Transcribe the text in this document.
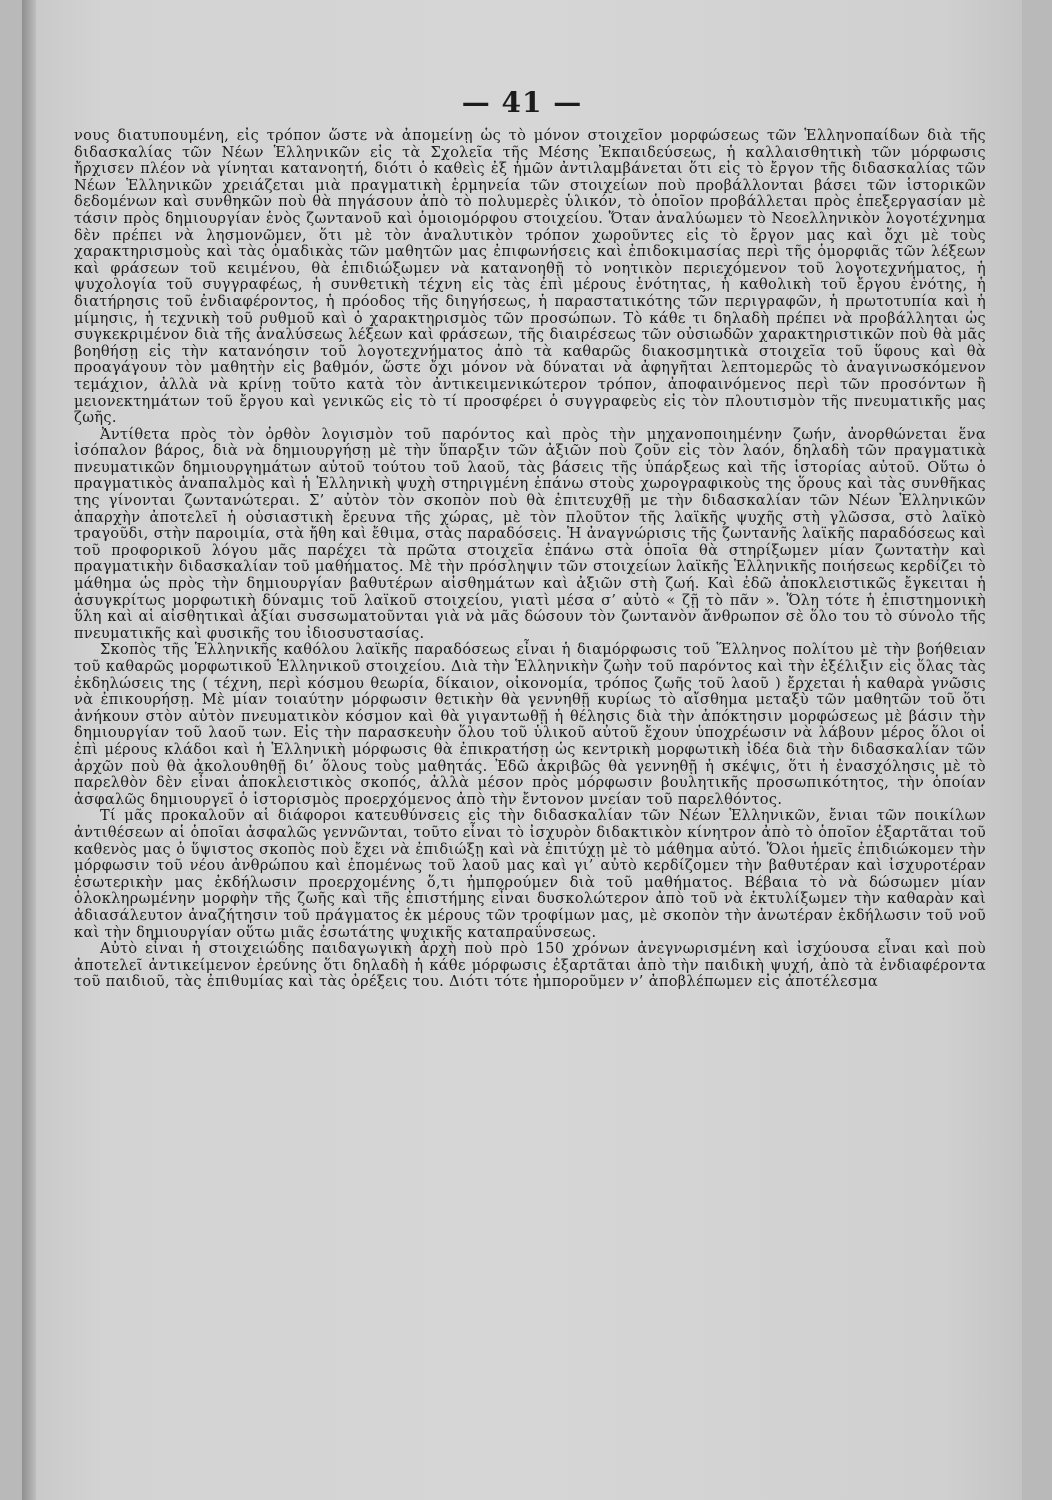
— 41 —

νους διατυπουμένη, εἰς τρόπον ὥστε νὰ ἀπομείνῃ ὡς τὸ μόνον στοιχεῖον μορφώσεως τῶν Ἑλληνοπαίδων διὰ τῆς διδασκαλίας τῶν Νέων Ἑλληνικῶν εἰς τὰ Σχολεῖα τῆς Μέσης Ἐκπαιδεύσεως, ἡ καλλαισθητικὴ τῶν μόρφωσις ἤρχισεν πλέον νὰ γίνηται κατανοητή, διότι ὁ καθεὶς ἐξ ἡμῶν ἀντιλαμβάνεται ὅτι εἰς τὸ ἔργον τῆς διδασκαλίας τῶν Νέων Ἑλληνικῶν χρειάζεται μιὰ πραγματικὴ ἑρμηνεία τῶν στοιχείων ποὺ προβάλλονται βάσει τῶν ἱστορικῶν δεδομένων καὶ συνθηκῶν ποὺ θὰ πηγάσουν ἀπὸ τὸ πολυμερὲς ὑλικόν, τὸ ὁποῖον προβάλλεται πρὸς ἐπεξεργασίαν μὲ τάσιν πρὸς δημιουργίαν ἑνὸς ζωντανοῦ καὶ ὁμοιομόρφου στοιχείου. Ὅταν ἀναλύωμεν τὸ Νεοελληνικὸν λογοτέχνημα δὲν πρέπει νὰ λησμονῶμεν, ὅτι μὲ τὸν ἀναλυτικὸν τρόπον χωροῦντες εἰς τὸ ἔργον μας καὶ ὄχι μὲ τοὺς χαρακτηρισμοὺς καὶ τὰς ὁμαδικὰς τῶν μαθητῶν μας ἐπιφωνήσεις καὶ ἐπιδοκιμασίας περὶ τῆς ὁμορφιᾶς τῶν λέξεων καὶ φράσεων τοῦ κειμένου, θὰ ἐπιδιώξωμεν νὰ κατανοηθῇ τὸ νοητικὸν περιεχόμενον τοῦ λογοτεχνήματος, ἡ ψυχολογία τοῦ συγγραφέως, ἡ συνθετικὴ τέχνη εἰς τὰς ἐπὶ μέρους ἑνότητας, ἡ καθολικὴ τοῦ ἔργου ἑνότης, ἡ διατήρησις τοῦ ἐνδιαφέροντος, ἡ πρόοδος τῆς διηγήσεως, ἡ παραστατικότης τῶν περιγραφῶν, ἡ πρωτοτυπία καὶ ἡ μίμησις, ἡ τεχνικὴ τοῦ ρυθμοῦ καὶ ὁ χαρακτηρισμὸς τῶν προσώπων. Τὸ κάθε τι δηλαδὴ πρέπει νὰ προβάλληται ὡς συγκεκριμένον διὰ τῆς ἀναλύσεως λέξεων καὶ φράσεων, τῆς διαιρέσεως τῶν οὐσιωδῶν χαρακτηριστικῶν ποὺ θὰ μᾶς βοηθήσῃ εἰς τὴν κατανόησιν τοῦ λογοτεχνήματος ἀπὸ τὰ καθαρῶς διακοσμητικὰ στοιχεῖα τοῦ ὕφους καὶ θὰ προαγάγουν τὸν μαθητὴν εἰς βαθμόν, ὥστε ὄχι μόνον νὰ δύναται νὰ ἀφηγῆται λεπτομερῶς τὸ ἀναγινωσκόμενον τεμάχιον, ἀλλὰ νὰ κρίνῃ τοῦτο κατὰ τὸν ἀντικειμενικώτερον τρόπον, ἀποφαινόμενος περὶ τῶν προσόντων ἢ μειονεκτημάτων τοῦ ἔργου καὶ γενικῶς εἰς τὸ τί προσφέρει ὁ συγγραφεὺς εἰς τὸν πλουτισμὸν τῆς πνευματικῆς μας ζωῆς.

Ἀντίθετα πρὸς τὸν ὀρθὸν λογισμὸν τοῦ παρόντος καὶ πρὸς τὴν μηχανοποιημένην ζωήν, ἀνορθώνεται ἕνα ἰσόπαλον βάρος, διὰ νὰ δημιουργήσῃ μὲ τὴν ὕπαρξιν τῶν ἀξιῶν ποὺ ζοῦν εἰς τὸν λαόν, δηλαδὴ τῶν πραγματικὰ πνευματικῶν δημιουργημάτων αὐτοῦ τούτου τοῦ λαοῦ, τὰς βάσεις τῆς ὑπάρξεως καὶ τῆς ἱστορίας αὐτοῦ. Οὕτω ὁ πραγματικὸς ἀναπαλμὸς καὶ ἡ Ἑλληνικὴ ψυχὴ στηριγμένη ἐπάνω στοὺς χωρογραφικοὺς της ὅρους καὶ τὰς συνθῆκας της γίνονται ζωντανώτεραι. Σ’ αὐτὸν τὸν σκοπὸν ποὺ θὰ ἐπιτευχθῇ με τὴν διδασκαλίαν τῶν Νέων Ἑλληνικῶν ἀπαρχὴν ἀποτελεῖ ἡ οὐσιαστικὴ ἔρευνα τῆς χώρας, μὲ τὸν πλοῦτον τῆς λαϊκῆς ψυχῆς στὴ γλῶσσα, στὸ λαϊκὸ τραγοῦδι, στὴν παροιμία, στὰ ἤθη καὶ ἔθιμα, στὰς παραδόσεις. Ἡ ἀναγνώρισις τῆς ζωντανῆς λαϊκῆς παραδόσεως καὶ τοῦ προφορικοῦ λόγου μᾶς παρέχει τὰ πρῶτα στοιχεῖα ἐπάνω στὰ ὁποῖα θὰ στηρίξωμεν μίαν ζωντατὴν καὶ πραγματικὴν διδασκαλίαν τοῦ μαθήματος. Μὲ τὴν πρόσληψιν τῶν στοιχείων λαϊκῆς Ἑλληνικῆς ποιήσεως κερδίζει τὸ μάθημα ὡς πρὸς τὴν δημιουργίαν βαθυτέρων αἰσθημάτων καὶ ἀξιῶν στὴ ζωή. Καὶ ἐδῶ ἀποκλειστικῶς ἔγκειται ἡ ἀσυγκρίτως μορφωτικὴ δύναμις τοῦ λαϊκοῦ στοιχείου, γιατὶ μέσα σ’ αὐτὸ « ζῇ τὸ πᾶν ». Ὅλη τότε ἡ ἐπιστημονικὴ ὕλη καὶ αἱ αἰσθητικαὶ ἀξίαι συσσωματοῦνται γιὰ νὰ μᾶς δώσουν τὸν ζωντανὸν ἄνθρωπον σὲ ὅλο του τὸ σύνολο τῆς πνευματικῆς καὶ φυσικῆς του ἰδιοσυστασίας.

Σκοπὸς τῆς Ἑλληνικῆς καθόλου λαϊκῆς παραδόσεως εἶναι ἡ διαμόρφωσις τοῦ Ἕλληνος πολίτου μὲ τὴν βοήθειαν τοῦ καθαρῶς μορφωτικοῦ Ἑλληνικοῦ στοιχείου. Διὰ τὴν Ἑλληνικὴν ζωὴν τοῦ παρόντος καὶ τὴν ἐξέλιξιν εἰς ὅλας τὰς ἐκδηλώσεις της ( τέχνη, περὶ κόσμου θεωρία, δίκαιον, οἰκονομία, τρόπος ζωῆς τοῦ λαοῦ ) ἔρχεται ἡ καθαρὰ γνῶσις νὰ ἐπικουρήσῃ. Μὲ μίαν τοιαύτην μόρφωσιν θετικὴν θὰ γεννηθῇ κυρίως τὸ αἴσθημα μεταξὺ τῶν μαθητῶν τοῦ ὅτι ἀνήκουν στὸν αὐτὸν πνευματικὸν κόσμον καὶ θὰ γιγαντωθῇ ἡ θέλησις διὰ τὴν ἀπόκτησιν μορφώσεως μὲ βάσιν τὴν δημιουργίαν τοῦ λαοῦ των. Εἰς τὴν παρασκευὴν ὅλου τοῦ ὑλικοῦ αὐτοῦ ἔχουν ὑποχρέωσιν νὰ λάβουν μέρος ὅλοι οἱ ἐπὶ μέρους κλάδοι καὶ ἡ Ἑλληνικὴ μόρφωσις θὰ ἐπικρατήσῃ ὡς κεντρικὴ μορφωτικὴ ἰδέα διὰ τὴν διδασκαλίαν τῶν ἀρχῶν ποὺ θὰ ἀκολουθηθῇ δι’ ὅλους τοὺς μαθητάς. Ἐδῶ ἀκριβῶς θὰ γεννηθῇ ἡ σκέψις, ὅτι ἡ ἐνασχόλησις μὲ τὸ παρελθὸν δὲν εἶναι ἀποκλειστικὸς σκοπός, ἀλλὰ μέσον πρὸς μόρφωσιν βουλητικῆς προσωπικότητος, τὴν ὁποίαν ἀσφαλῶς δημιουργεῖ ὁ ἱστορισμὸς προερχόμενος ἀπὸ τὴν ἔντονον μνείαν τοῦ παρελθόντος.

Τί μᾶς προκαλοῦν αἱ διάφοροι κατευθύνσεις εἰς τὴν διδασκαλίαν τῶν Νέων Ἑλληνικῶν, ἔνιαι τῶν ποικίλων ἀντιθέσεων αἱ ὁποῖαι ἀσφαλῶς γεννῶνται, τοῦτο εἶναι τὸ ἰσχυρὸν διδακτικὸν κίνητρον ἀπὸ τὸ ὁποῖον ἐξαρτᾶται τοῦ καθενὸς μας ὁ ὕψιστος σκοπὸς ποὺ ἔχει νὰ ἐπιδιώξῃ καὶ νὰ ἐπιτύχῃ μὲ τὸ μάθημα αὐτό. Ὅλοι ἡμεῖς ἐπιδιώκομεν τὴν μόρφωσιν τοῦ νέου ἀνθρώπου καὶ ἐπομένως τοῦ λαοῦ μας καὶ γι’ αὐτὸ κερδίζομεν τὴν βαθυτέραν καὶ ἰσχυροτέραν ἐσωτερικὴν μας ἐκδήλωσιν προερχομένης ὅ,τι ἠμπορούμεν διὰ τοῦ μαθήματος. Βέβαια τὸ νὰ δώσωμεν μίαν ὁλοκληρωμένην μορφὴν τῆς ζωῆς καὶ τῆς ἐπιστήμης εἶναι δυσκολώτερον ἀπὸ τοῦ νὰ ἐκτυλίξωμεν τὴν καθαρὰν καὶ ἀδιασάλευτον ἀναζήτησιν τοῦ πράγματος ἐκ μέρους τῶν τροφίμων μας, μὲ σκοπὸν τὴν ἀνωτέραν ἐκδήλωσιν τοῦ νοῦ καὶ τὴν δημιουργίαν οὕτω μιᾶς ἐσωτάτης ψυχικῆς καταπραΰνσεως.

Αὐτὸ εἶναι ἡ στοιχειώδης παιδαγωγικὴ ἀρχὴ ποὺ πρὸ 150 χρόνων ἀνεγνωρισμένη καὶ ἰσχύουσα εἶναι καὶ ποὺ ἀποτελεῖ ἀντικείμενον ἐρεύνης ὅτι δηλαδὴ ἡ κάθε μόρφωσις ἐξαρτᾶται ἀπὸ τὴν παιδικὴ ψυχή, ἀπὸ τὰ ἐνδιαφέροντα τοῦ παιδιοῦ, τὰς ἐπιθυμίας καὶ τὰς ὀρέξεις του. Διότι τότε ἠμποροῦμεν ν’ ἀποβλέπωμεν εἰς ἀποτέλεσμα
